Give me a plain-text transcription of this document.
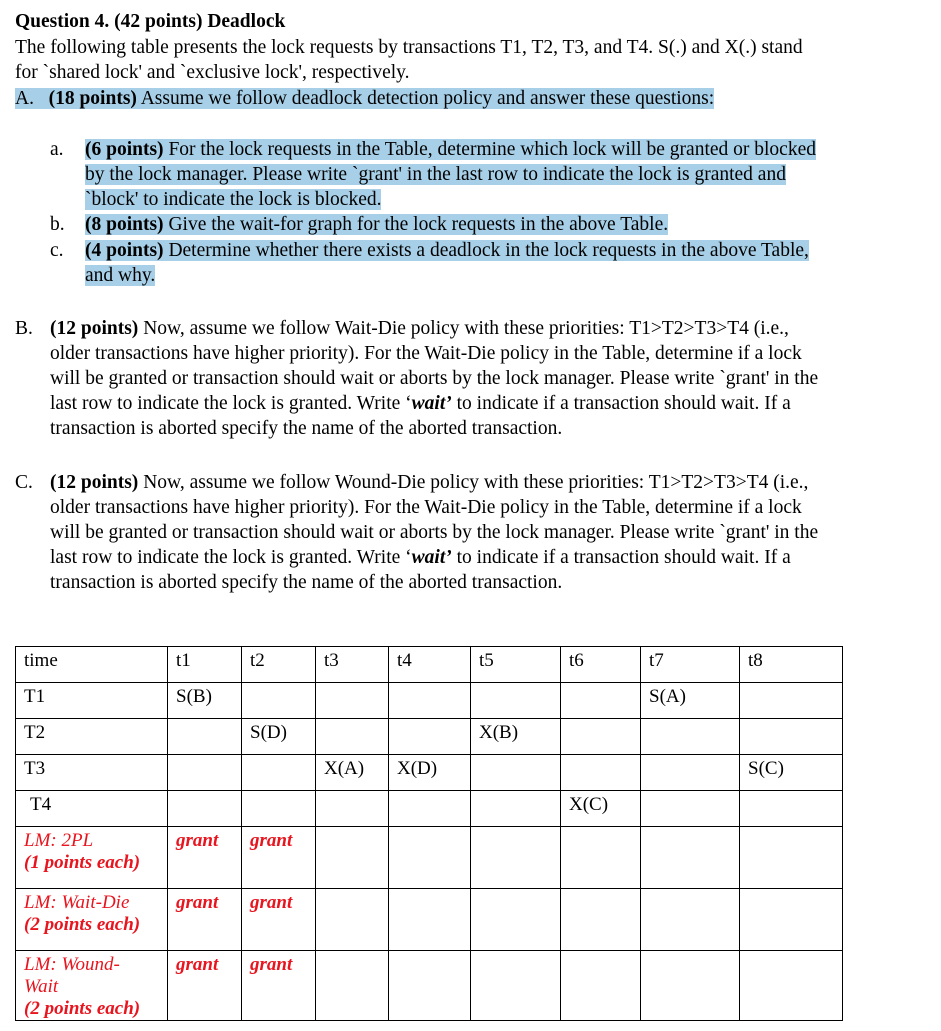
Question 4. (42 points) Deadlock
The following table presents the lock requests by transactions T1, T2, T3, and T4. S(.) and X(.) stand
for `shared lock' and `exclusive lock', respectively.
A. (18 points) Assume we follow deadlock detection policy and answer these questions:
a. (6 points) For the lock requests in the Table, determine which lock will be granted or blocked
by the lock manager. Please write `grant' in the last row to indicate the lock is granted and
`block' to indicate the lock is blocked.
b. (8 points) Give the wait-for graph for the lock requests in the above Table.
c. (4 points) Determine whether there exists a deadlock in the lock requests in the above Table,
and why.
B. (12 points) Now, assume we follow Wait-Die policy with these priorities: T1>T2>T3>T4 (i.e.,
older transactions have higher priority). For the Wait-Die policy in the Table, determine if a lock
will be granted or transaction should wait or aborts by the lock manager. Please write `grant' in the
last row to indicate the lock is granted. Write ‘wait’ to indicate if a transaction should wait. If a
transaction is aborted specify the name of the aborted transaction.
C. (12 points) Now, assume we follow Wound-Die policy with these priorities: T1>T2>T3>T4 (i.e.,
older transactions have higher priority). For the Wait-Die policy in the Table, determine if a lock
will be granted or transaction should wait or aborts by the lock manager. Please write `grant' in the
last row to indicate the lock is granted. Write ‘wait’ to indicate if a transaction should wait. If a
transaction is aborted specify the name of the aborted transaction.
time	t1	t2	t3	t4	t5	t6	t7	t8
T1	S(B)						S(A)	
T2		S(D)			X(B)			
T3			X(A)	X(D)				S(C)
T4						X(C)		

LM: 2PL
(1 points each)	grant	grant						

LM: Wait-Die
(2 points each)	grant	grant						

LM: Wound-
Wait
(2 points each)	grant	grant						
